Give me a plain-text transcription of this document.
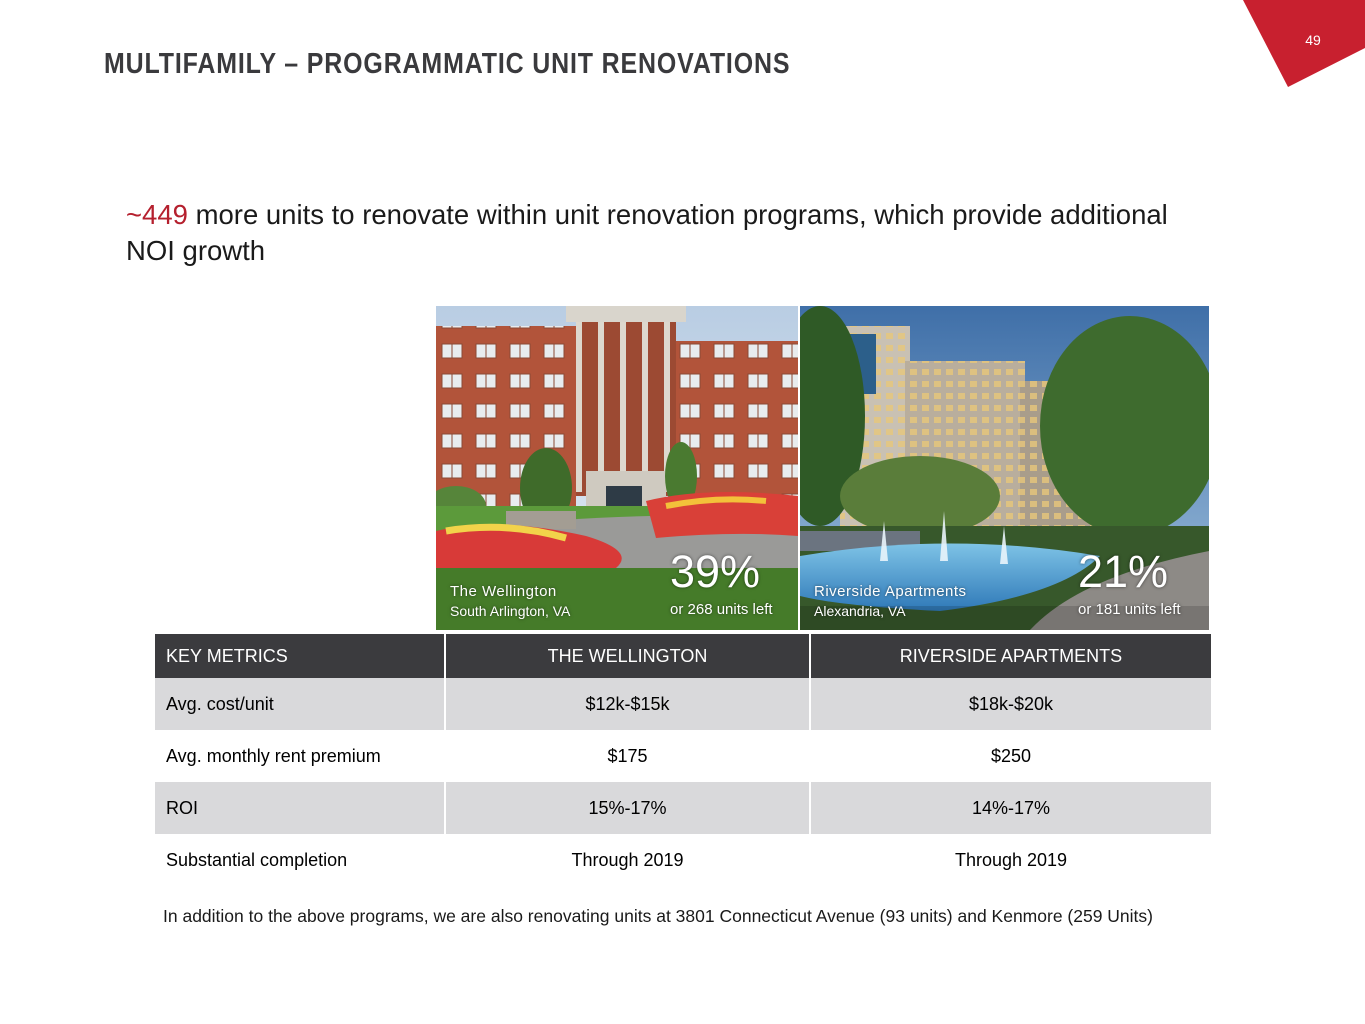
49
MULTIFAMILY – PROGRAMMATIC UNIT RENOVATIONS
~449 more units to renovate within unit renovation programs, which provide additional NOI growth
The Wellington
South Arlington, VA
39%
or 268 units left
Riverside Apartments
Alexandria, VA
21%
or 181 units left
KEY METRICS	THE WELLINGTON	RIVERSIDE APARTMENTS
Avg. cost/unit	$12k-$15k	$18k-$20k
Avg. monthly rent premium	$175	$250
ROI	15%-17%	14%-17%
Substantial completion	Through 2019	Through 2019
In addition to the above programs, we are also renovating units at 3801 Connecticut Avenue (93 units) and Kenmore (259 Units)
